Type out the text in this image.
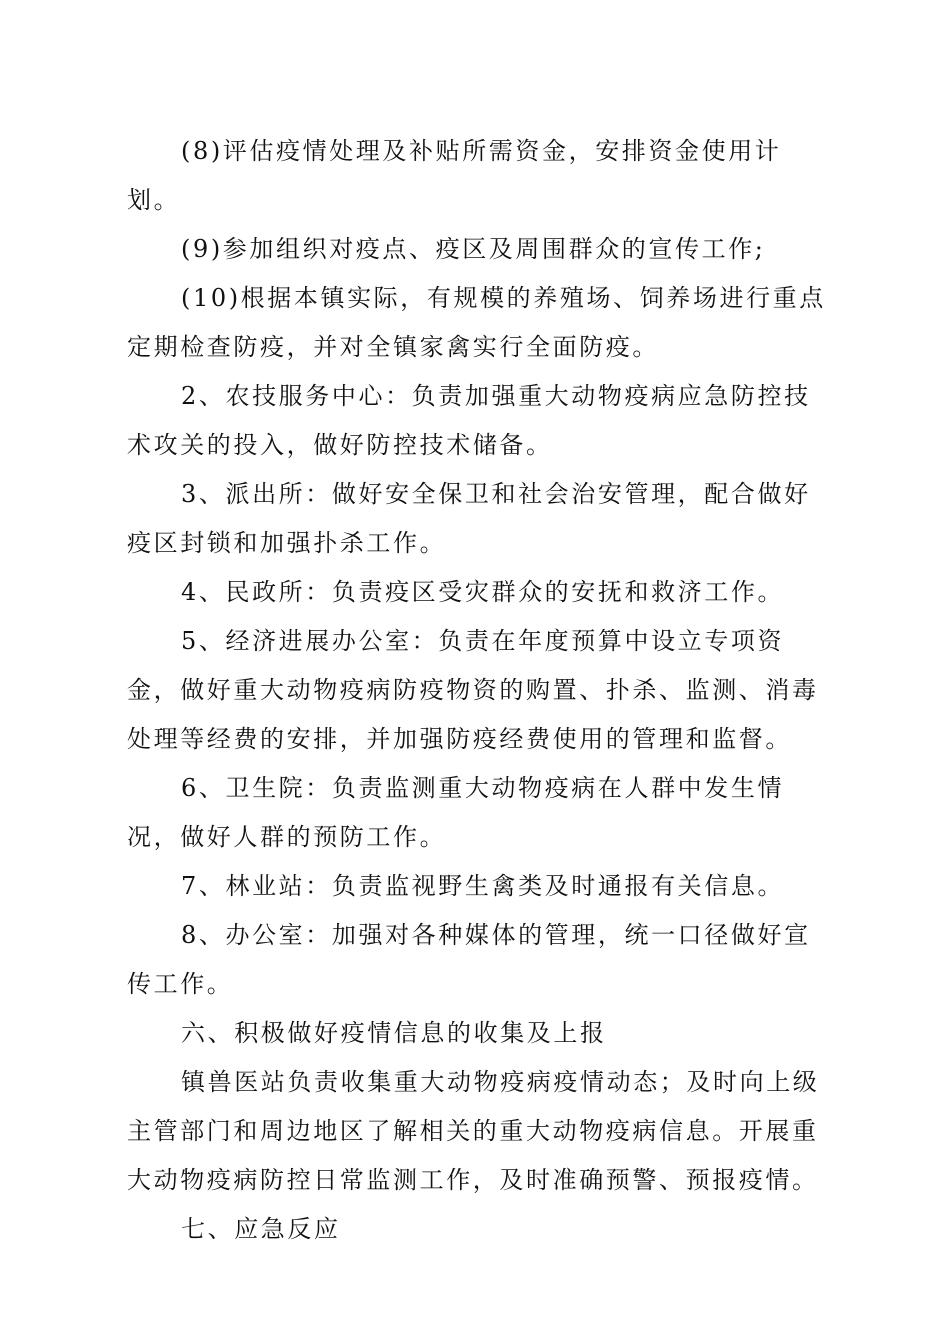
(8)评估疫情处理及补贴所需资金，安排资金使用计划。

(9)参加组织对疫点、疫区及周围群众的宣传工作;

(10)根据本镇实际，有规模的养殖场、饲养场进行重点定期检查防疫，并对全镇家禽实行全面防疫。

2、农技服务中心：负责加强重大动物疫病应急防控技术攻关的投入，做好防控技术储备。

3、派出所：做好安全保卫和社会治安管理，配合做好疫区封锁和加强扑杀工作。

4、民政所：负责疫区受灾群众的安抚和救济工作。

5、经济进展办公室：负责在年度预算中设立专项资金，做好重大动物疫病防疫物资的购置、扑杀、监测、消毒处理等经费的安排，并加强防疫经费使用的管理和监督。

6、卫生院：负责监测重大动物疫病在人群中发生情况，做好人群的预防工作。

7、林业站：负责监视野生禽类及时通报有关信息。

8、办公室：加强对各种媒体的管理，统一口径做好宣传工作。

六、积极做好疫情信息的收集及上报

镇兽医站负责收集重大动物疫病疫情动态；及时向上级主管部门和周边地区了解相关的重大动物疫病信息。开展重大动物疫病防控日常监测工作，及时准确预警、预报疫情。

七、应急反应
